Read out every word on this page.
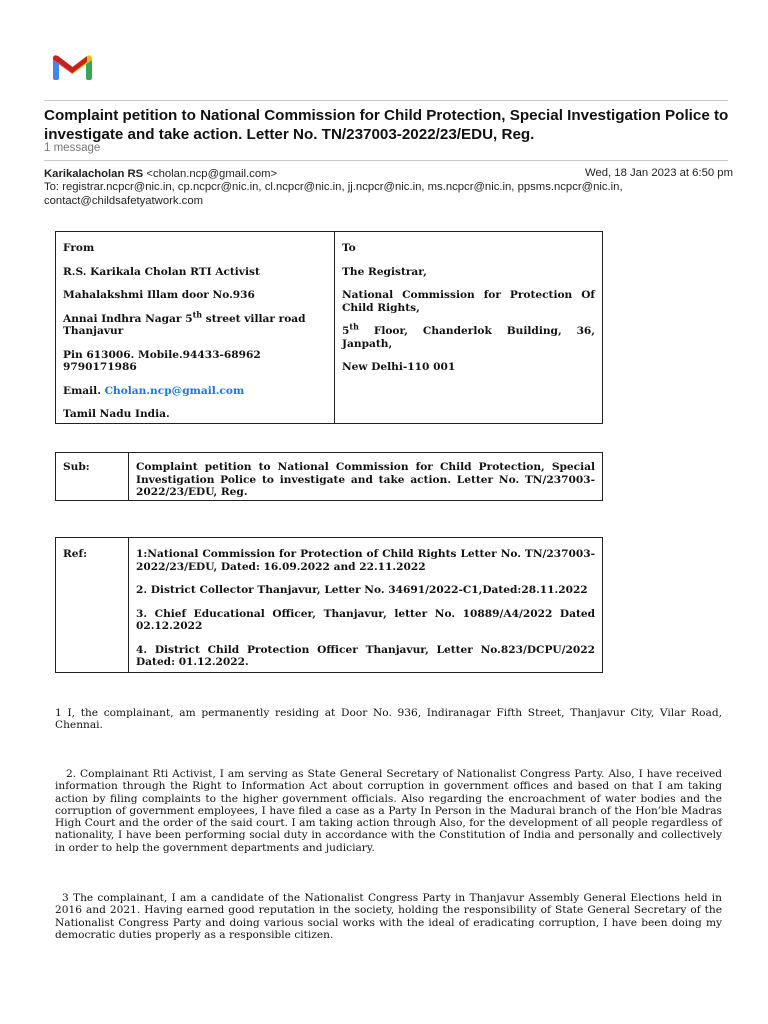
Complaint petition to National Commission for Child Protection, Special Investigation Police to investigate and take action. Letter No. TN/237003-2022/23/EDU, Reg.
1 message
Karikalacholan RS <cholan.ncp@gmail.com>	Wed, 18 Jan 2023 at 6:50 pm
To: registrar.ncpcr@nic.in, cp.ncpcr@nic.in, cl.ncpcr@nic.in, jj.ncpcr@nic.in, ms.ncpcr@nic.in, ppsms.ncpcr@nic.in, contact@childsafetyatwork.com

From

R.S. Karikala Cholan RTI Activist

Mahalakshmi Illam door No.936

Annai Indhra Nagar 5th street villar road Thanjavur

Pin 613006. Mobile.94433-68962 9790171986

Email. Cholan.ncp@gmail.com

Tamil Nadu India.

To

The Registrar,

National Commission for Protection Of Child Rights,

5th Floor, Chanderlok Building, 36, Janpath,

New Delhi-110 001

Sub:	Complaint petition to National Commission for Child Protection, Special Investigation Police to investigate and take action. Letter No. TN/237003-2022/23/EDU, Reg.
Ref:	1:National Commission for Protection of Child Rights Letter No. TN/237003-2022/23/EDU, Dated: 16.09.2022 and 22.11.2022

2. District Collector Thanjavur, Letter No. 34691/2022-C1,Dated:28.11.2022

3. Chief Educational Officer, Thanjavur, letter No. 10889/A4/2022 Dated 02.12.2022

4. District Child Protection Officer Thanjavur, Letter No.823/DCPU/2022 Dated: 01.12.2022.

1 I, the complainant, am permanently residing at Door No. 936, Indiranagar Fifth Street, Thanjavur City, Vilar Road, Chennai.

2. Complainant Rti Activist, I am serving as State General Secretary of Nationalist Congress Party. Also, I have received information through the Right to Information Act about corruption in government offices and based on that I am taking action by filing complaints to the higher government officials. Also regarding the encroachment of water bodies and the corruption of government employees, I have filed a case as a Party In Person in the Madurai branch of the Hon’ble Madras High Court and the order of the said court. I am taking action through Also, for the development of all people regardless of nationality, I have been performing social duty in accordance with the Constitution of India and personally and collectively in order to help the government departments and judiciary.

3 The complainant, I am a candidate of the Nationalist Congress Party in Thanjavur Assembly General Elections held in 2016 and 2021. Having earned good reputation in the society, holding the responsibility of State General Secretary of the Nationalist Congress Party and doing various social works with the ideal of eradicating corruption, I have been doing my democratic duties properly as a responsible citizen.
